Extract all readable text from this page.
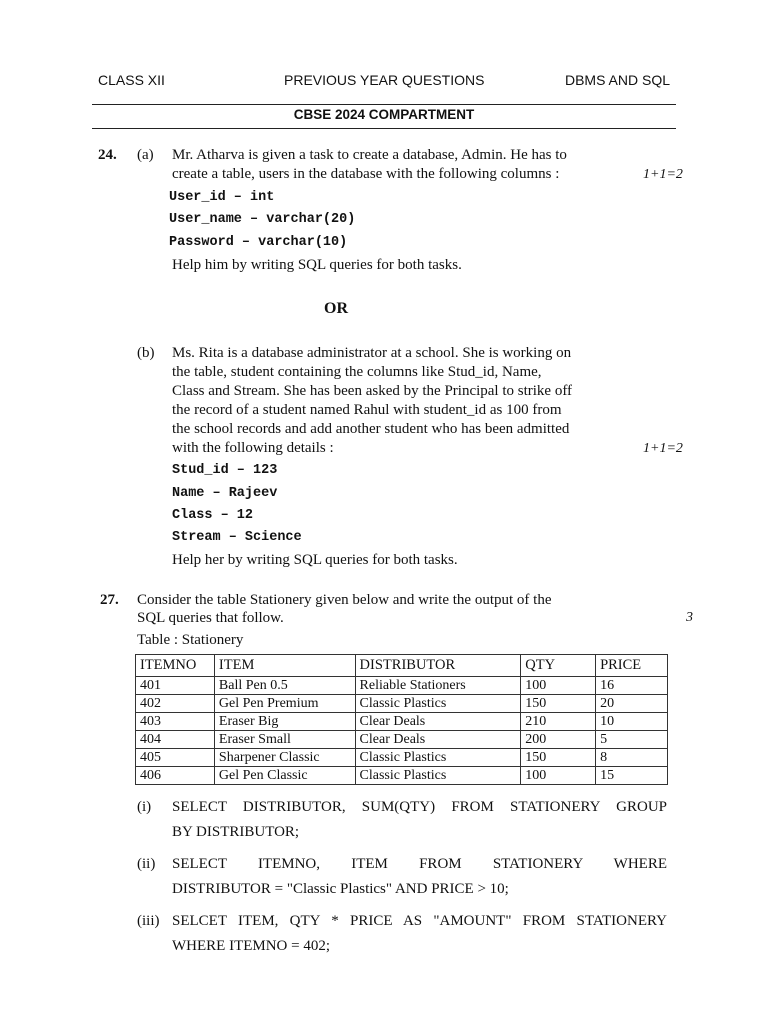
CLASS XII	PREVIOUS YEAR QUESTIONS	DBMS AND SQL
CBSE 2024 COMPARTMENT
24. (a) Mr. Atharva is given a task to create a database, Admin. He has to
create a table, users in the database with the following columns :	1+1=2
User_id – int
User_name – varchar(20)
Password – varchar(10)
Help him by writing SQL queries for both tasks.
OR
(b) Ms. Rita is a database administrator at a school. She is working on
the table, student containing the columns like Stud_id, Name,
Class and Stream. She has been asked by the Principal to strike off
the record of a student named Rahul with student_id as 100 from
the school records and add another student who has been admitted
with the following details :	1+1=2
Stud_id – 123
Name – Rajeev
Class – 12
Stream – Science
Help her by writing SQL queries for both tasks.
27. Consider the table Stationery given below and write the output of the
SQL queries that follow.	3
Table : Stationery
ITEMNO	ITEM	DISTRIBUTOR	QTY	PRICE
401	Ball Pen 0.5	Reliable Stationers	100	16
402	Gel Pen Premium	Classic Plastics	150	20
403	Eraser Big	Clear Deals	210	10
404	Eraser Small	Clear Deals	200	5
405	Sharpener Classic	Classic Plastics	150	8
406	Gel Pen Classic	Classic Plastics	100	15
(i) SELECT DISTRIBUTOR, SUM(QTY) FROM STATIONERY GROUP
BY DISTRIBUTOR;
(ii) SELECT ITEMNO, ITEM FROM STATIONERY WHERE
DISTRIBUTOR = "Classic Plastics" AND PRICE > 10;
(iii) SELCET ITEM, QTY * PRICE AS "AMOUNT" FROM STATIONERY
WHERE ITEMNO = 402;
